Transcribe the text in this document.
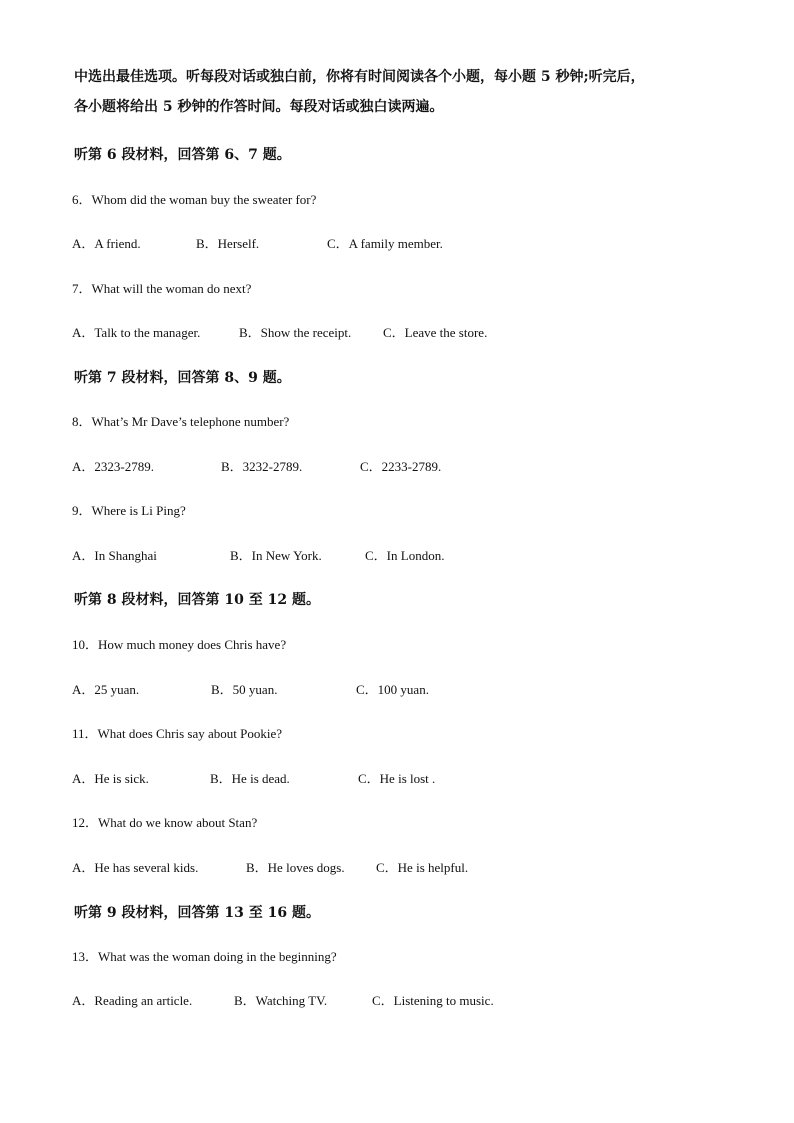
中选出最佳选项。听每段对话或独白前，你将有时间阅读各个小题，每小题 5 秒钟;听完后，
各小题将给出 5 秒钟的作答时间。每段对话或独白读两遍。
听第 6 段材料，回答第 6、7 题。
6．Whom did the woman buy the sweater for?
A．A friend.	B．Herself.	C．A family member.
7．What will the woman do next?
A．Talk to the manager.	B．Show the receipt. C．Leave the store.
听第 7 段材料，回答第 8、9 题。
8．What’s Mr Dave’s telephone number?
A．2323-2789.	B．3232-2789.	C．2233-2789.
9．Where is Li Ping?
A．In Shanghai	B．In New York.	C．In London.
听第 8 段材料，回答第 10 至 12 题。
10．How much money does Chris have?
A．25 yuan.	B．50 yuan.	C．100 yuan.
11．What does Chris say about Pookie?
A．He is sick.	B．He is dead.	C．He is lost .
12．What do we know about Stan?
A．He has several kids.	B．He loves dogs. C．He is helpful.
听第 9 段材料，回答第 13 至 16 题。
13．What was the woman doing in the beginning?
A．Reading an article.	B．Watching TV.	C．Listening to music.
